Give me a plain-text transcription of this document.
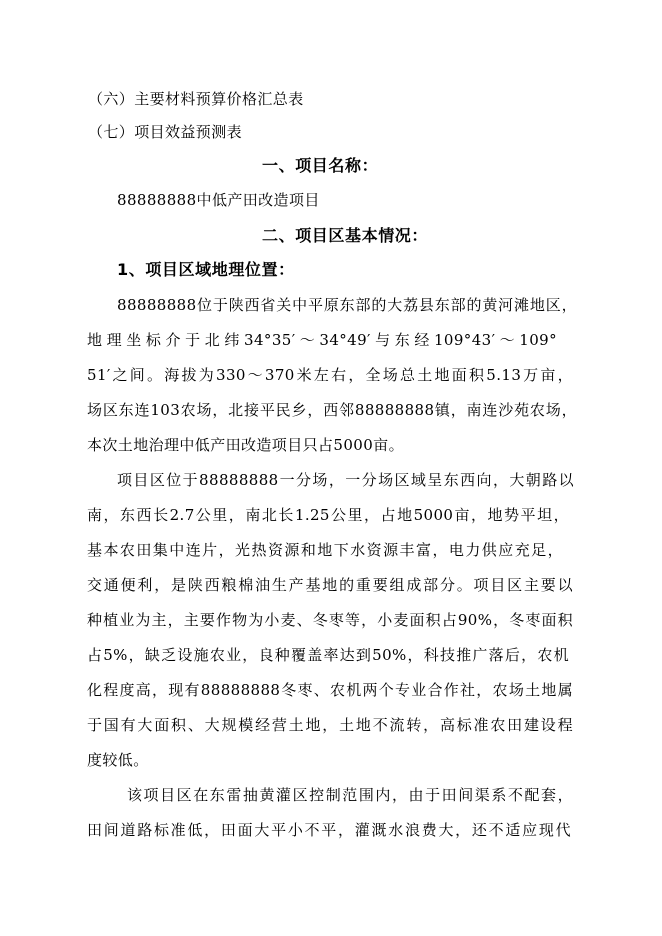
（六）主要材料预算价格汇总表
（七）项目效益预测表
一、项目名称：
88888888中低产田改造项目
二、项目区基本情况：
1、项目区域地理位置：
88888888位于陕西省关中平原东部的大荔县东部的黄河滩地区，
地理坐标介于北纬34°35′～34°49′与东经109°43′～109°
51′之间。海拔为330～370米左右，全场总土地面积5.13万亩，
场区东连103农场，北接平民乡，西邻88888888镇，南连沙苑农场，
本次土地治理中低产田改造项目只占5000亩。
项目区位于88888888一分场，一分场区域呈东西向，大朝路以
南，东西长2.7公里，南北长1.25公里，占地5000亩，地势平坦，
基本农田集中连片，光热资源和地下水资源丰富，电力供应充足，
交通便利，是陕西粮棉油生产基地的重要组成部分。项目区主要以
种植业为主，主要作物为小麦、冬枣等，小麦面积占90%，冬枣面积
占5%，缺乏设施农业，良种覆盖率达到50%，科技推广落后，农机
化程度高，现有88888888冬枣、农机两个专业合作社，农场土地属
于国有大面积、大规模经营土地，土地不流转，高标准农田建设程
度较低。
该项目区在东雷抽黄灌区控制范围内，由于田间渠系不配套，
田间道路标准低，田面大平小不平，灌溉水浪费大，还不适应现代
